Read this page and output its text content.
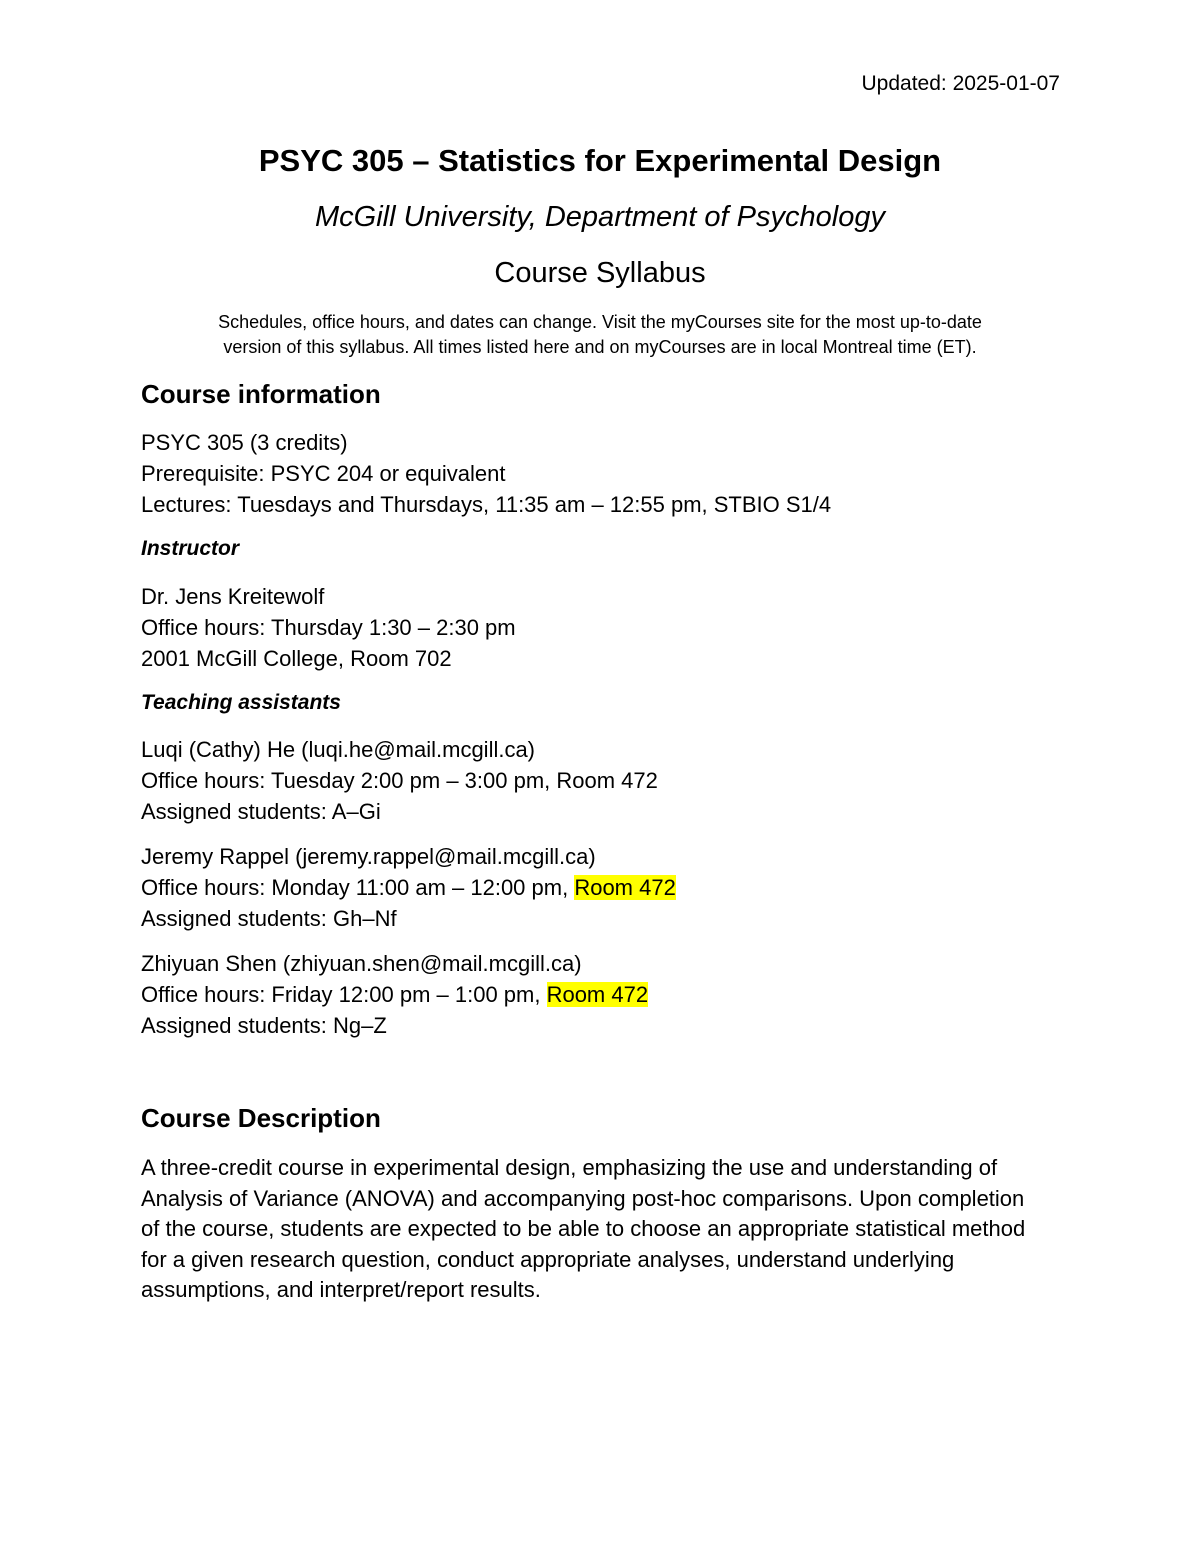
Updated: 2025-01-07
PSYC 305 – Statistics for Experimental Design
McGill University, Department of Psychology
Course Syllabus
Schedules, office hours, and dates can change. Visit the myCourses site for the most up-to-date
version of this syllabus. All times listed here and on myCourses are in local Montreal time (ET).
Course information
PSYC 305 (3 credits)
Prerequisite: PSYC 204 or equivalent
Lectures: Tuesdays and Thursdays, 11:35 am – 12:55 pm, STBIO S1/4
Instructor
Dr. Jens Kreitewolf
Office hours: Thursday 1:30 – 2:30 pm
2001 McGill College, Room 702
Teaching assistants
Luqi (Cathy) He (luqi.he@mail.mcgill.ca)
Office hours: Tuesday 2:00 pm – 3:00 pm, Room 472
Assigned students: A–Gi
Jeremy Rappel (jeremy.rappel@mail.mcgill.ca)
Office hours: Monday 11:00 am – 12:00 pm, Room 472
Assigned students: Gh–Nf
Zhiyuan Shen (zhiyuan.shen@mail.mcgill.ca)
Office hours: Friday 12:00 pm – 1:00 pm, Room 472
Assigned students: Ng–Z
Course Description
A three-credit course in experimental design, emphasizing the use and understanding of Analysis of Variance (ANOVA) and accompanying post-hoc comparisons. Upon completion of the course, students are expected to be able to choose an appropriate statistical method for a given research question, conduct appropriate analyses, understand underlying assumptions, and interpret/report results.
